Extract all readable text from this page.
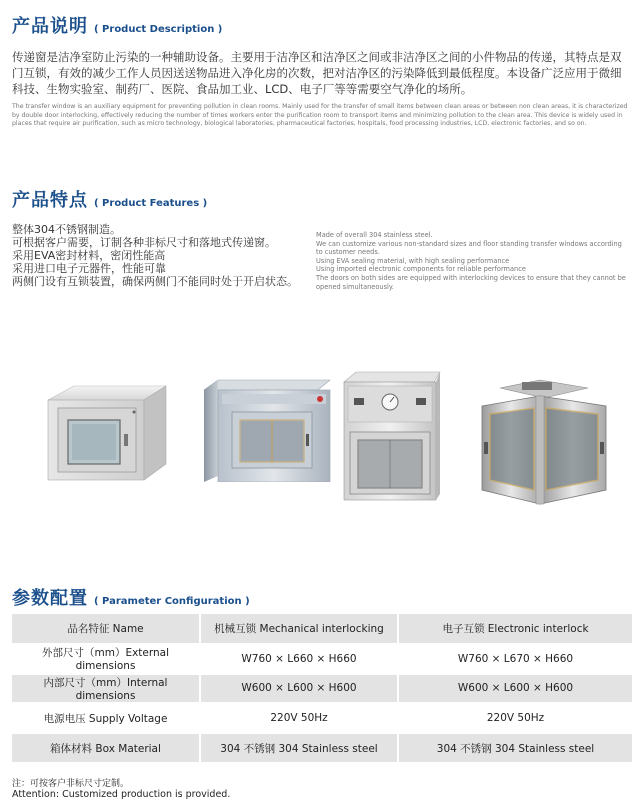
产品说明 ( Product Description )
传递窗是洁净室防止污染的一种辅助设备。主要用于洁净区和洁净区之间或非洁净区之间的小件物品的传递，其特点是双门互锁，有效的减少工作人员因送送物品进入净化房的次数，把对洁净区的污染降低到最低程度。本设备广泛应用于微细科技、生物实验室、制药厂、医院、食品加工业、LCD、电子厂等等需要空气净化的场所。
The transfer window is an auxiliary equipment for preventing pollution in clean rooms. Mainly used for the transfer of small items between clean areas or between non clean areas, it is characterized by double door interlocking, effectively reducing the number of times workers enter the purification room to transport items and minimizing pollution to the clean area. This device is widely used in places that require air purification, such as micro technology, biological laboratories, pharmaceutical factories, hospitals, food processing industries, LCD, electronic factories, and so on.
产品特点 ( Product Features )
整体304不锈钢制造。
可根据客户需要，订制各种非标尺寸和落地式传递窗。
采用EVA密封材料，密闭性能高
采用进口电子元器件，性能可靠
两侧门设有互锁装置，确保两侧门不能同时处于开启状态。
Made of overall 304 stainless steel.
We can customize various non-standard sizes and floor standing transfer windows according to customer needs.
Using EVA sealing material, with high sealing performance
Using imported electronic components for reliable performance
The doors on both sides are equipped with interlocking devices to ensure that they cannot be opened simultaneously.
参数配置 ( Parameter Configuration )
品名特征 Name	机械互锁 Mechanical interlocking	电子互锁 Electronic interlock
外部尺寸（mm）External dimensions	W760 × L660 × H660	W760 × L670 × H660
内部尺寸（mm）Internal dimensions	W600 × L600 × H600	W600 × L600 × H600
电源电压 Supply Voltage	220V 50Hz	220V 50Hz
箱体材料 Box Material	304 不锈钢 304 Stainless steel	304 不锈钢 304 Stainless steel
注：可按客户非标尺寸定制。
Attention: Customized production is provided.
